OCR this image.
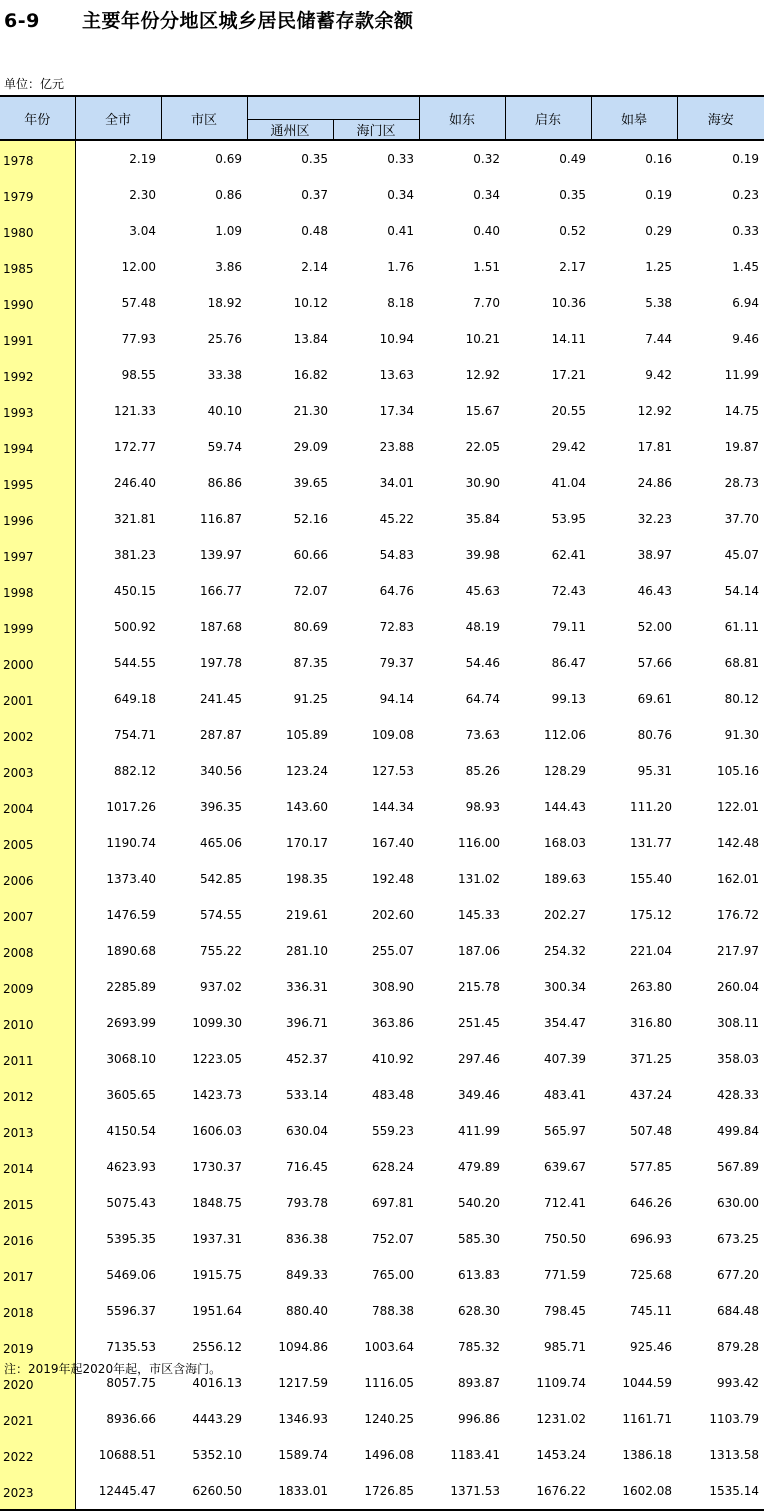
6-9 主要年份分地区城乡居民储蓄存款余额
单位：亿元
年份	全市	市区			如东	启东	如皋	海安
			通州区	海门区				
1978	2.19	0.69	0.35	0.33	0.32	0.49	0.16	0.19
1979	2.30	0.86	0.37	0.34	0.34	0.35	0.19	0.23
1980	3.04	1.09	0.48	0.41	0.40	0.52	0.29	0.33
1985	12.00	3.86	2.14	1.76	1.51	2.17	1.25	1.45
1990	57.48	18.92	10.12	8.18	7.70	10.36	5.38	6.94
1991	77.93	25.76	13.84	10.94	10.21	14.11	7.44	9.46
1992	98.55	33.38	16.82	13.63	12.92	17.21	9.42	11.99
1993	121.33	40.10	21.30	17.34	15.67	20.55	12.92	14.75
1994	172.77	59.74	29.09	23.88	22.05	29.42	17.81	19.87
1995	246.40	86.86	39.65	34.01	30.90	41.04	24.86	28.73
1996	321.81	116.87	52.16	45.22	35.84	53.95	32.23	37.70
1997	381.23	139.97	60.66	54.83	39.98	62.41	38.97	45.07
1998	450.15	166.77	72.07	64.76	45.63	72.43	46.43	54.14
1999	500.92	187.68	80.69	72.83	48.19	79.11	52.00	61.11
2000	544.55	197.78	87.35	79.37	54.46	86.47	57.66	68.81
2001	649.18	241.45	91.25	94.14	64.74	99.13	69.61	80.12
2002	754.71	287.87	105.89	109.08	73.63	112.06	80.76	91.30
2003	882.12	340.56	123.24	127.53	85.26	128.29	95.31	105.16
2004	1017.26	396.35	143.60	144.34	98.93	144.43	111.20	122.01
2005	1190.74	465.06	170.17	167.40	116.00	168.03	131.77	142.48
2006	1373.40	542.85	198.35	192.48	131.02	189.63	155.40	162.01
2007	1476.59	574.55	219.61	202.60	145.33	202.27	175.12	176.72
2008	1890.68	755.22	281.10	255.07	187.06	254.32	221.04	217.97
2009	2285.89	937.02	336.31	308.90	215.78	300.34	263.80	260.04
2010	2693.99	1099.30	396.71	363.86	251.45	354.47	316.80	308.11
2011	3068.10	1223.05	452.37	410.92	297.46	407.39	371.25	358.03
2012	3605.65	1423.73	533.14	483.48	349.46	483.41	437.24	428.33
2013	4150.54	1606.03	630.04	559.23	411.99	565.97	507.48	499.84
2014	4623.93	1730.37	716.45	628.24	479.89	639.67	577.85	567.89
2015	5075.43	1848.75	793.78	697.81	540.20	712.41	646.26	630.00
2016	5395.35	1937.31	836.38	752.07	585.30	750.50	696.93	673.25
2017	5469.06	1915.75	849.33	765.00	613.83	771.59	725.68	677.20
2018	5596.37	1951.64	880.40	788.38	628.30	798.45	745.11	684.48
2019	7135.53	2556.12	1094.86	1003.64	785.32	985.71	925.46	879.28
2020	8057.75	4016.13	1217.59	1116.05	893.87	1109.74	1044.59	993.42
2021	8936.66	4443.29	1346.93	1240.25	996.86	1231.02	1161.71	1103.79
2022	10688.51	5352.10	1589.74	1496.08	1183.41	1453.24	1386.18	1313.58
2023	12445.47	6260.50	1833.01	1726.85	1371.53	1676.22	1602.08	1535.14
注：2019年起2020年起，市区含海门。
